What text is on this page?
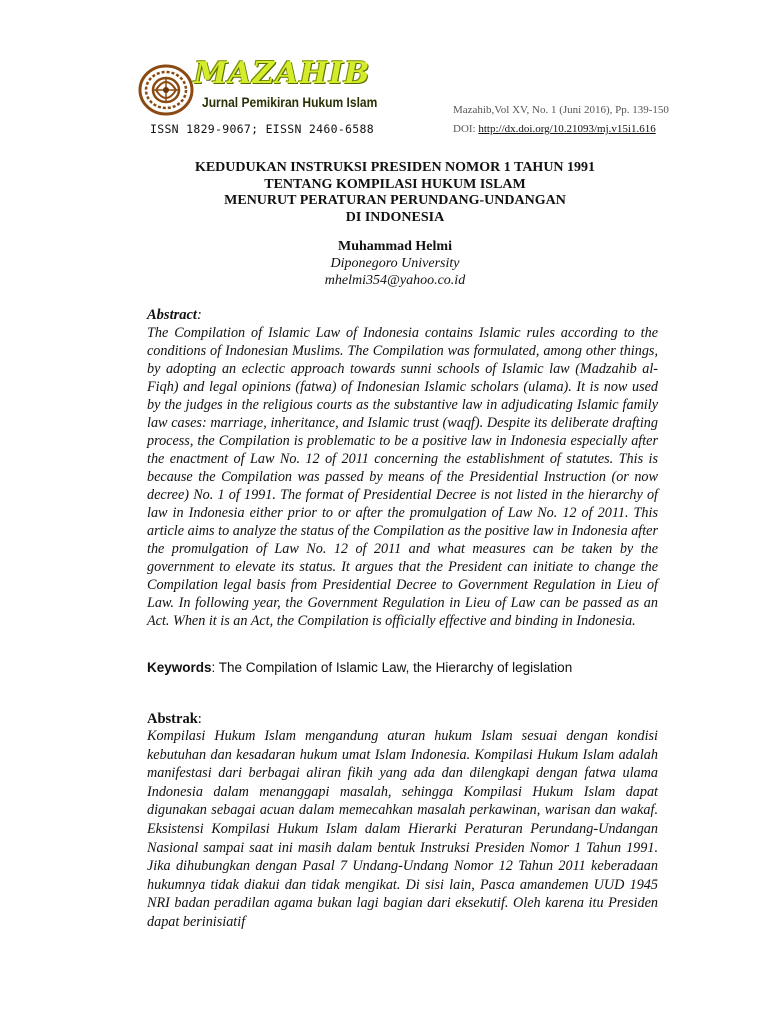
MAZAHIB
Jurnal Pemikiran Hukum Islam
ISSN 1829-9067; EISSN 2460-6588
Mazahib,Vol XV, No. 1 (Juni 2016), Pp. 139-150
DOI: http://dx.doi.org/10.21093/mj.v15i1.616
KEDUDUKAN INSTRUKSI PRESIDEN NOMOR 1 TAHUN 1991
TENTANG KOMPILASI HUKUM ISLAM
MENURUT PERATURAN PERUNDANG-UNDANGAN
DI INDONESIA
Muhammad Helmi
Diponegoro University
mhelmi354@yahoo.co.id
Abstract:
The Compilation of Islamic Law of Indonesia contains Islamic rules according to the conditions of Indonesian Muslims. The Compilation was formulated, among other things, by adopting an eclectic approach towards sunni schools of Islamic law (Madzahib al-Fiqh) and legal opinions (fatwa) of Indonesian Islamic scholars (ulama). It is now used by the judges in the religious courts as the substantive law in adjudicating Islamic family law cases: marriage, inheritance, and Islamic trust (waqf). Despite its deliberate drafting process, the Compilation is problematic to be a positive law in Indonesia especially after the enactment of Law No. 12 of 2011 concerning the establishment of statutes. This is because the Compilation was passed by means of the Presidential Instruction (or now decree) No. 1 of 1991. The format of Presidential Decree is not listed in the hierarchy of law in Indonesia either prior to or after the promulgation of Law No. 12 of 2011. This article aims to analyze the status of the Compilation as the positive law in Indonesia after the promulgation of Law No. 12 of 2011 and what measures can be taken by the government to elevate its status. It argues that the President can initiate to change the Compilation legal basis from Presidential Decree to Government Regulation in Lieu of Law. In following year, the Government Regulation in Lieu of Law can be passed as an Act. When it is an Act, the Compilation is officially effective and binding in Indonesia.
Keywords: The Compilation of Islamic Law, the Hierarchy of legislation
Abstrak:
Kompilasi Hukum Islam mengandung aturan hukum Islam sesuai dengan kondisi kebutuhan dan kesadaran hukum umat Islam Indonesia. Kompilasi Hukum Islam adalah manifestasi dari berbagai aliran fikih yang ada dan dilengkapi dengan fatwa ulama Indonesia dalam menanggapi masalah, sehingga Kompilasi Hukum Islam dapat digunakan sebagai acuan dalam memecahkan masalah perkawinan, warisan dan wakaf. Eksistensi Kompilasi Hukum Islam dalam Hierarki Peraturan Perundang-Undangan Nasional sampai saat ini masih dalam bentuk Instruksi Presiden Nomor 1 Tahun 1991. Jika dihubungkan dengan Pasal 7 Undang-Undang Nomor 12 Tahun 2011 keberadaan hukumnya tidak diakui dan tidak mengikat. Di sisi lain, Pasca amandemen UUD 1945 NRI badan peradilan agama bukan lagi bagian dari eksekutif. Oleh karena itu Presiden dapat berinisiatif
